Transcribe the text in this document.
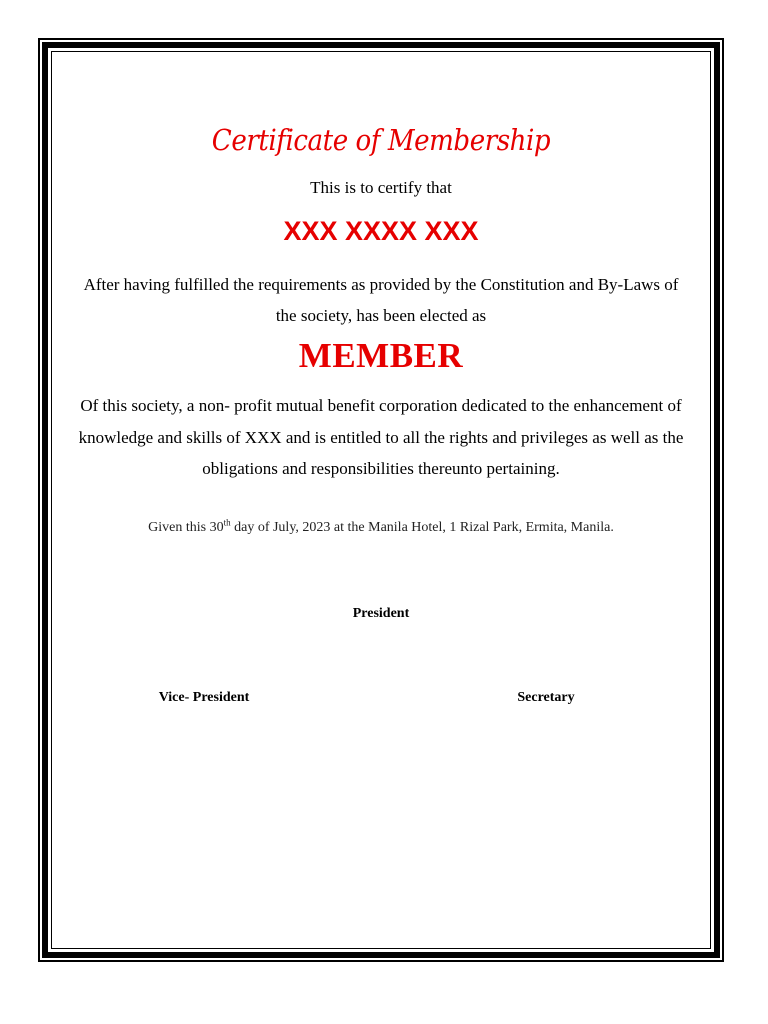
Certificate of Membership
This is to certify that
XXX XXXX XXX
After having fulfilled the requirements as provided by the Constitution and By-Laws of the society, has been elected as
MEMBER
Of this society, a non- profit mutual benefit corporation dedicated to the enhancement of knowledge and skills of XXX and is entitled to all the rights and privileges as well as the obligations and responsibilities thereunto pertaining.
Given this 30th day of July, 2023 at the Manila Hotel, 1 Rizal Park, Ermita, Manila.
President
Vice- President	Secretary
